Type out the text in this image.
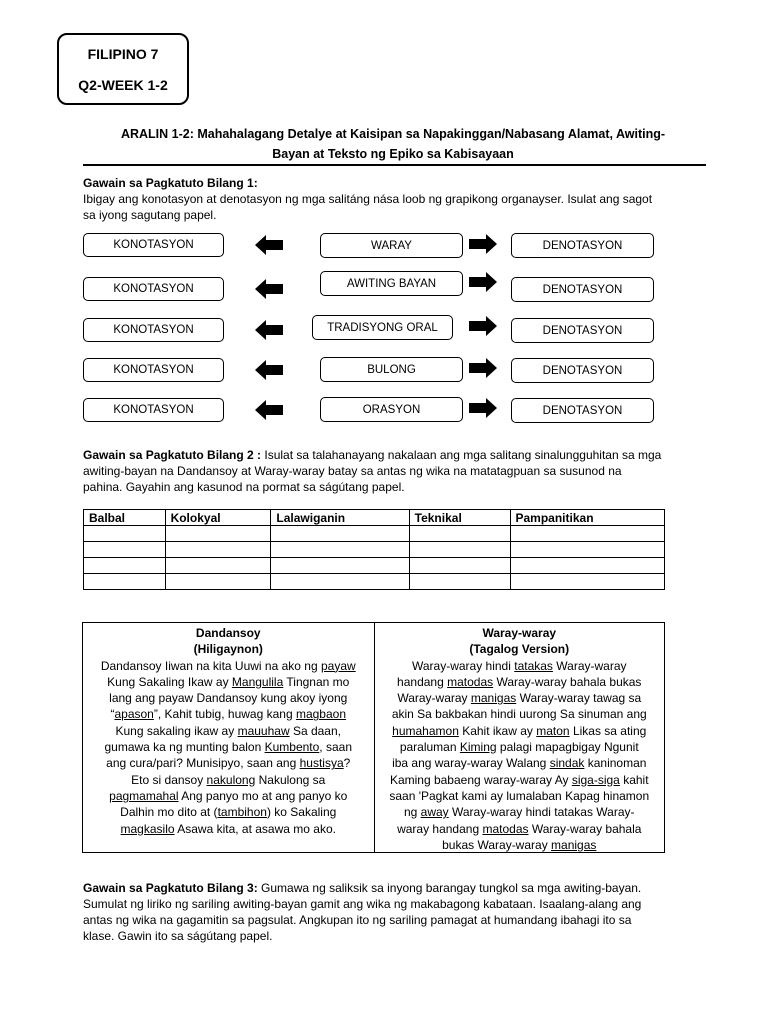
FILIPINO 7
Q2-WEEK 1-2
ARALIN 1-2: Mahahalagang Detalye at Kaisipan sa Napakinggan/Nabasang Alamat, Awiting-
Bayan at Teksto ng Epiko sa Kabisayaan
Gawain sa Pagkatuto Bilang 1:
Ibigay ang konotasyon at denotasyon ng mga salitáng nása loob ng grapikong organayser. Isulat ang sagot
sa iyong sagutang papel.
KONOTASYON	WARAY	DENOTASYON
KONOTASYON	AWITING BAYAN	DENOTASYON
KONOTASYON	TRADISYONG ORAL	DENOTASYON
KONOTASYON	BULONG	DENOTASYON
KONOTASYON	ORASYON	DENOTASYON
Gawain sa Pagkatuto Bilang 2 : Isulat sa talahanayang nakalaan ang mga salitang sinalungguhitan sa mga
awiting-bayan na Dandansoy at Waray-waray batay sa antas ng wika na matatagpuan sa susunod na
pahina. Gayahin ang kasunod na pormat sa ságútang papel.
Balbal	Kolokyal	Lalawiganin	Teknikal	Pampanitikan

Dandansoy
(Hiligaynon)
Dandansoy Iiwan na kita Uuwi na ako ng payaw
Kung Sakaling Ikaw ay Mangulila Tingnan mo
lang ang payaw Dandansoy kung akoy iyong
“apason”, Kahit tubig, huwag kang magbaon
Kung sakaling ikaw ay mauuhaw Sa daan,
gumawa ka ng munting balon Kumbento, saan
ang cura/pari? Munisipyo, saan ang hustisya?
Eto si dansoy nakulong Nakulong sa
pagmamahal Ang panyo mo at ang panyo ko
Dalhin mo dito at (tambihon) ko Sakaling
magkasilo Asawa kita, at asawa mo ako.
Waray-waray
(Tagalog Version)
Waray-waray hindi tatakas Waray-waray
handang matodas Waray-waray bahala bukas
Waray-waray manigas Waray-waray tawag sa
akin Sa bakbakan hindi uurong Sa sinuman ang
humahamon Kahit ikaw ay maton Likas sa ating
paraluman Kiming palagi mapagbigay Ngunit
iba ang waray-waray Walang sindak kaninoman
Kaming babaeng waray-waray Ay siga-siga kahit
saan 'Pagkat kami ay lumalaban Kapag hinamon
ng away Waray-waray hindi tatakas Waray-
waray handang matodas Waray-waray bahala
bukas Waray-waray manigas
Gawain sa Pagkatuto Bilang 3: Gumawa ng saliksik sa inyong barangay tungkol sa mga awiting-bayan.
Sumulat ng liriko ng sariling awiting-bayan gamit ang wika ng makabagong kabataan. Isaalang-alang ang
antas ng wika na gagamitin sa pagsulat. Angkupan ito ng sariling pamagat at humandang ibahagi ito sa
klase. Gawin ito sa ságútang papel.
